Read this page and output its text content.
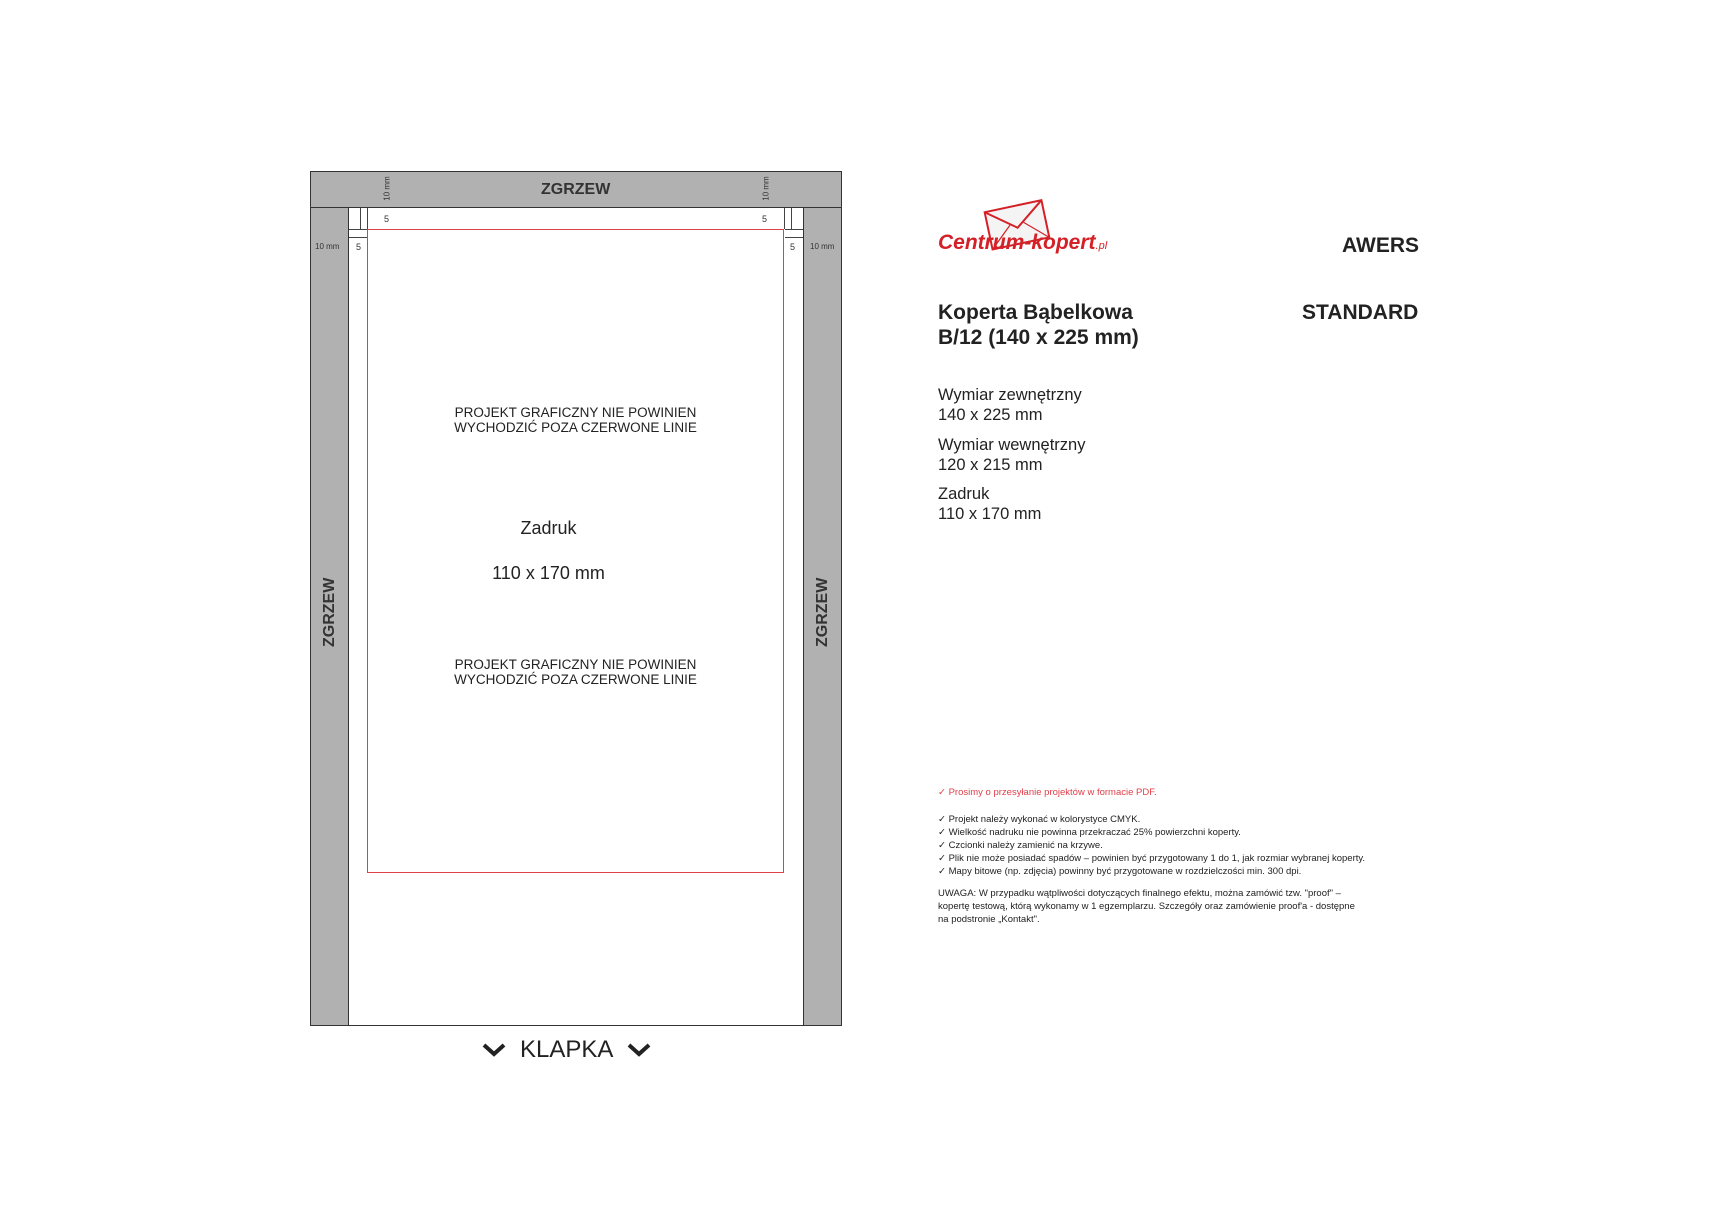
ZGRZEW
ZGRZEW	ZGRZEW
10 mm	10 mm
10 mm	10 mm
5	5
5	5
PROJEKT GRAFICZNY NIE POWINIEN
WYCHODZIĆ POZA CZERWONE LINIE
Zadruk
110 x 170 mm
PROJEKT GRAFICZNY NIE POWINIEN
WYCHODZIĆ POZA CZERWONE LINIE
KLAPKA
Centrum-kopert.pl	AWERS
STANDARD
Koperta Bąbelkowa
B/12 (140 x 225 mm)
Wymiar zewnętrzny
140 x 225 mm
Wymiar wewnętrzny
120 x 215 mm
Zadruk
110 x 170 mm
✓ Prosimy o przesyłanie projektów w formacie PDF.
✓ Projekt należy wykonać w kolorystyce CMYK.
✓ Wielkość nadruku nie powinna przekraczać 25% powierzchni koperty.
✓ Czcionki należy zamienić na krzywe.
✓ Plik nie może posiadać spadów – powinien być przygotowany 1 do 1, jak rozmiar wybranej koperty.
✓ Mapy bitowe (np. zdjęcia) powinny być przygotowane w rozdzielczości min. 300 dpi.
UWAGA: W przypadku wątpliwości dotyczących finalnego efektu, można zamówić tzw. "proof" –
kopertę testową, którą wykonamy w 1 egzemplarzu. Szczegóły oraz zamówienie proof'a - dostępne
na podstronie „Kontakt".
